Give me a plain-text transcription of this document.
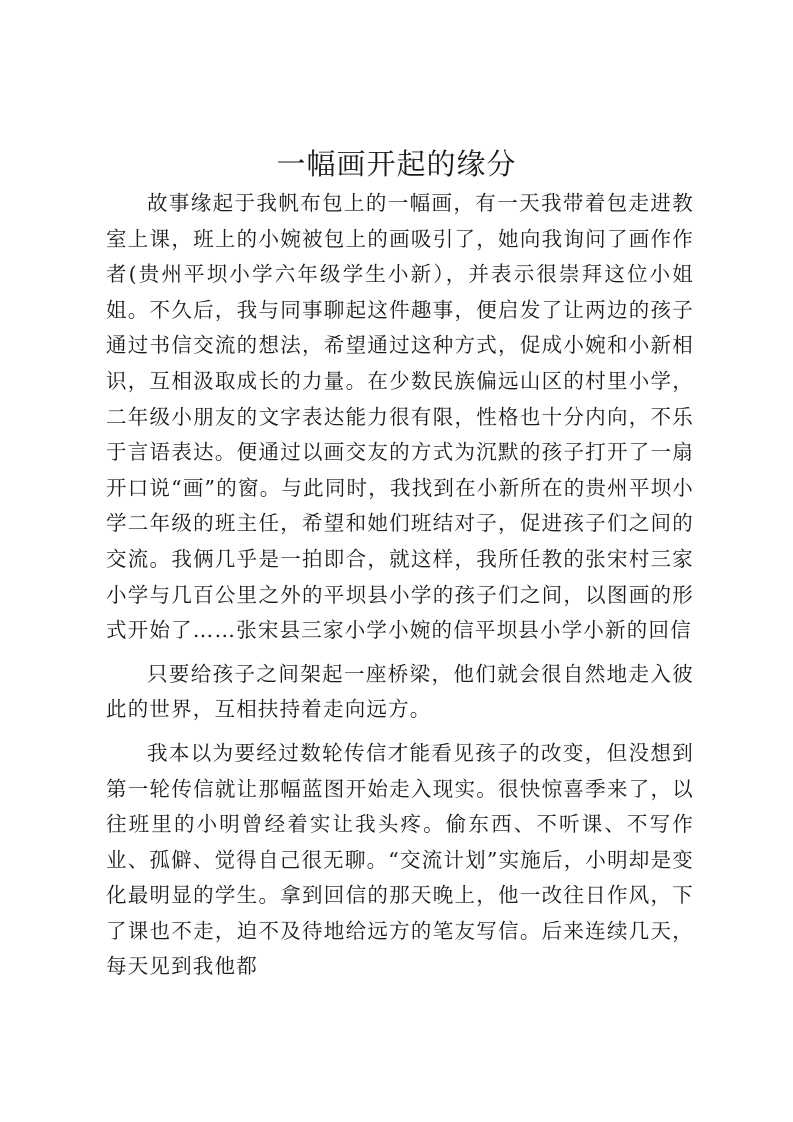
一幅画开起的缘分

故事缘起于我帆布包上的一幅画，有一天我带着包走进教室上课，班上的小婉被包上的画吸引了，她向我询问了画作作者(贵州平坝小学六年级学生小新），并表示很崇拜这位小姐姐。不久后，我与同事聊起这件趣事，便启发了让两边的孩子通过书信交流的想法，希望通过这种方式，促成小婉和小新相识，互相汲取成长的力量。在少数民族偏远山区的村里小学，二年级小朋友的文字表达能力很有限，性格也十分内向，不乐于言语表达。便通过以画交友的方式为沉默的孩子打开了一扇开口说“画”的窗。与此同时，我找到在小新所在的贵州平坝小学二年级的班主任，希望和她们班结对子，促进孩子们之间的交流。我俩几乎是一拍即合，就这样，我所任教的张宋村三家小学与几百公里之外的平坝县小学的孩子们之间，以图画的形式开始了……张宋县三家小学小婉的信平坝县小学小新的回信

只要给孩子之间架起一座桥梁，他们就会很自然地走入彼此的世界，互相扶持着走向远方。

我本以为要经过数轮传信才能看见孩子的改变，但没想到第一轮传信就让那幅蓝图开始走入现实。很快惊喜季来了，以往班里的小明曾经着实让我头疼。偷东西、不听课、不写作业、孤僻、觉得自己很无聊。“交流计划”实施后，小明却是变化最明显的学生。拿到回信的那天晚上，他一改往日作风，下了课也不走，迫不及待地给远方的笔友写信。后来连续几天，每天见到我他都
